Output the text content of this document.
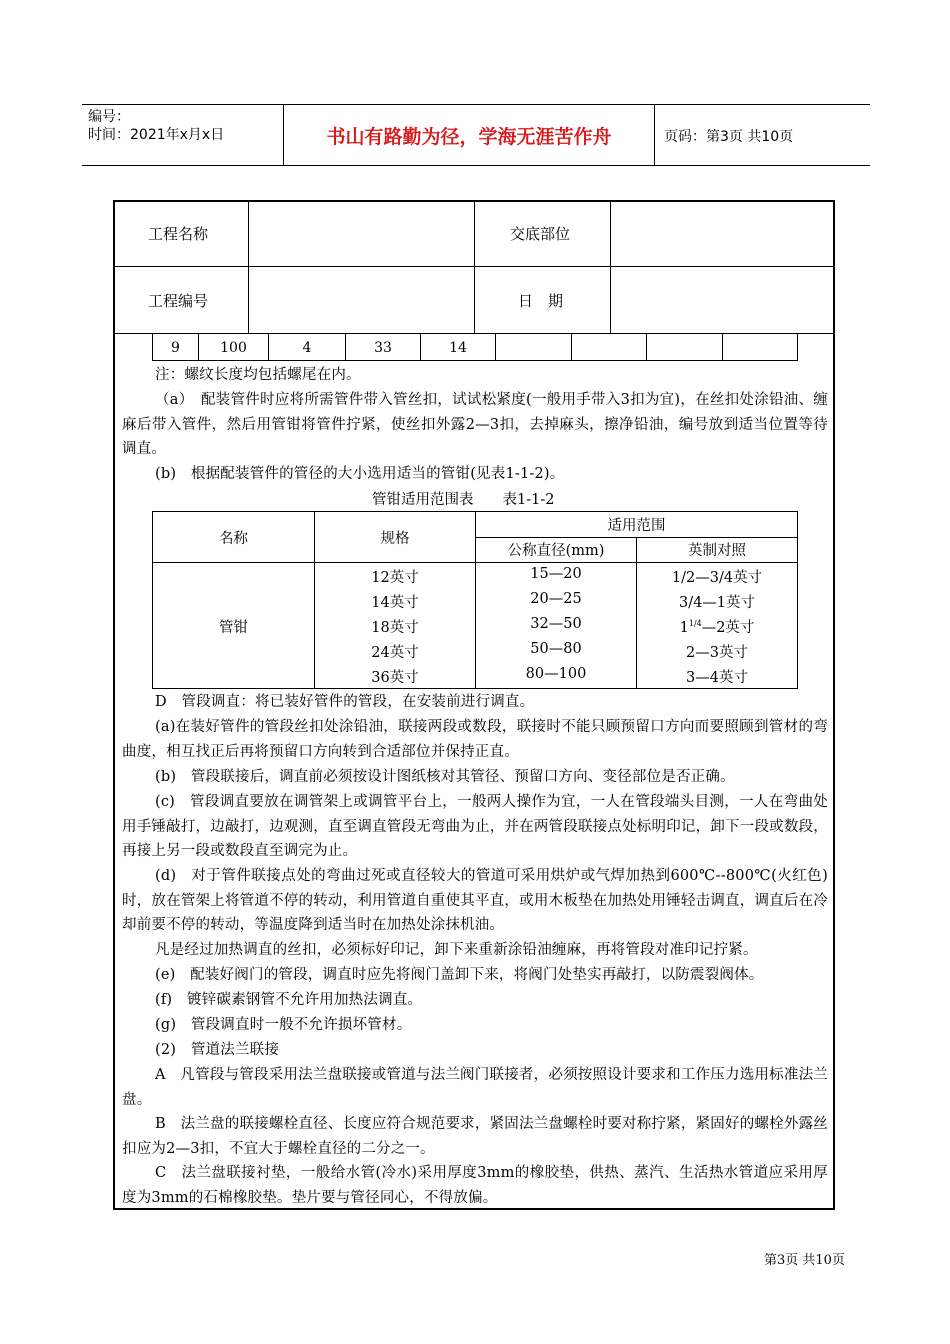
编号：
时间：2021年x月x日	书山有路勤为径，学海无涯苦作舟	页码：第3页 共10页
工程名称	交底部位
工程编号	日　期
9	100	4	33	14
注：螺纹长度均包括螺尾在内。
（a）　配装管件时应将所需管件带入管丝扣，试试松紧度(一般用手带入3扣为宜)，在丝扣处涂铅油、缠麻后带入管件，然后用管钳将管件拧紧，使丝扣外露2—3扣，去掉麻头，擦净铅油，编号放到适当位置等待调直。
(b)　根据配装管件的管径的大小选用适当的管钳(见表1-1-2)。
管钳适用范围表　　表1-1-2
名称	规格
适用范围
公称直径(mm)	英制对照
管钳
12英寸	15—20	1/2—3/4英寸
14英寸	20—25	3/4—1英寸
18英寸	32—50	$1^{1/4}—2$英寸
24英寸	50—80	2—3英寸
36英寸	80—100	3—4英寸
D　管段调直：将已装好管件的管段，在安装前进行调直。
(a)在装好管件的管段丝扣处涂铅油，联接两段或数段，联接时不能只顾预留口方向而要照顾到管材的弯曲度，相互找正后再将预留口方向转到合适部位并保持正直。
(b)　管段联接后，调直前必须按设计图纸核对其管径、预留口方向、变径部位是否正确。
(c)　管段调直要放在调管架上或调管平台上，一般两人操作为宜，一人在管段端头目测，一人在弯曲处用手锤敲打，边敲打，边观测，直至调直管段无弯曲为止，并在两管段联接点处标明印记，卸下一段或数段，再接上另一段或数段直至调完为止。
(d)　对于管件联接点处的弯曲过死或直径较大的管道可采用烘炉或气焊加热到600℃--800℃(火红色)时，放在管架上将管道不停的转动，利用管道自重使其平直，或用木板垫在加热处用锤轻击调直，调直后在冷却前要不停的转动，等温度降到适当时在加热处涂抹机油。
凡是经过加热调直的丝扣，必须标好印记，卸下来重新涂铅油缠麻，再将管段对准印记拧紧。
(e)　配装好阀门的管段，调直时应先将阀门盖卸下来，将阀门处垫实再敲打，以防震裂阀体。
(f)　镀锌碳素钢管不允许用加热法调直。
(g)　管段调直时一般不允许损坏管材。
(2)　管道法兰联接
A　凡管段与管段采用法兰盘联接或管道与法兰阀门联接者，必须按照设计要求和工作压力选用标准法兰盘。
B　法兰盘的联接螺栓直径、长度应符合规范要求，紧固法兰盘螺栓时要对称拧紧，紧固好的螺栓外露丝扣应为2—3扣，不宜大于螺栓直径的二分之一。
C　法兰盘联接衬垫，一般给水管(冷水)采用厚度3mm的橡胶垫，供热、蒸汽、生活热水管道应采用厚度为3mm的石棉橡胶垫。垫片要与管径同心，不得放偏。
第3页 共10页
